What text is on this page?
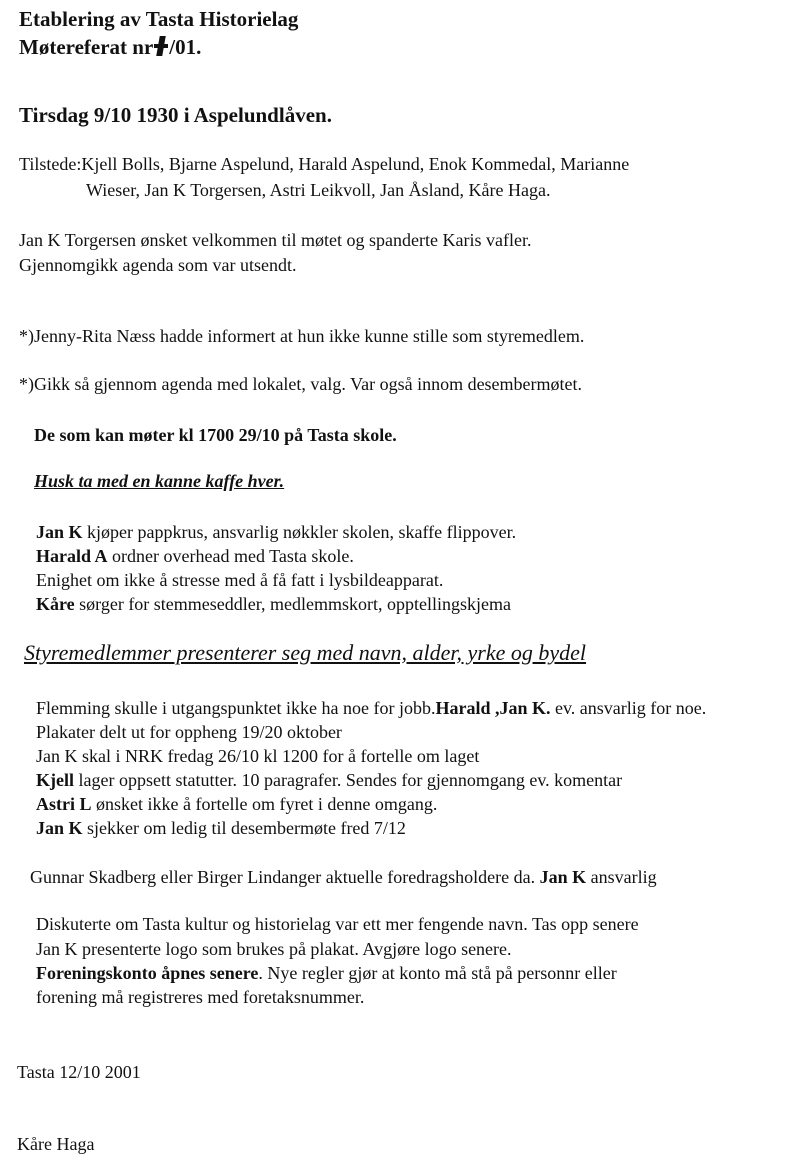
Etablering av Tasta Historielag
Møtereferat nr /01.
Tirsdag 9/10 1930 i Aspelundlåven.
Tilstede:Kjell Bolls, Bjarne Aspelund, Harald Aspelund, Enok Kommedal, Marianne
Wieser, Jan K Torgersen, Astri Leikvoll, Jan Åsland, Kåre Haga.
Jan K Torgersen ønsket velkommen til møtet og spanderte Karis vafler.
Gjennomgikk agenda som var utsendt.
*)Jenny-Rita Næss hadde informert at hun ikke kunne stille som styremedlem.
*)Gikk så gjennom agenda med lokalet, valg. Var også innom desembermøtet.
De som kan møter kl 1700 29/10 på Tasta skole.
Husk ta med en kanne kaffe hver.
Jan K kjøper pappkrus, ansvarlig nøkkler skolen, skaffe flippover.
Harald A ordner overhead med Tasta skole.
Enighet om ikke å stresse med å få fatt i lysbildeapparat.
Kåre sørger for stemmeseddler, medlemmskort, opptellingskjema
Styremedlemmer presenterer seg med navn, alder, yrke og bydel
Flemming skulle i utgangspunktet ikke ha noe for jobb.Harald ,Jan K. ev. ansvarlig for noe.
Plakater delt ut for oppheng 19/20 oktober
Jan K skal i NRK fredag 26/10 kl 1200 for å fortelle om laget
Kjell lager oppsett statutter. 10 paragrafer. Sendes for gjennomgang ev. komentar
Astri L ønsket ikke å fortelle om fyret i denne omgang.
Jan K sjekker om ledig til desembermøte fred 7/12
Gunnar Skadberg eller Birger Lindanger aktuelle foredragsholdere da. Jan K ansvarlig
Diskuterte om Tasta kultur og historielag var ett mer fengende navn. Tas opp senere
Jan K presenterte logo som brukes på plakat. Avgjøre logo senere.
Foreningskonto åpnes senere. Nye regler gjør at konto må stå på personnr eller
forening må registreres med foretaksnummer.
Tasta 12/10 2001
Kåre Haga
